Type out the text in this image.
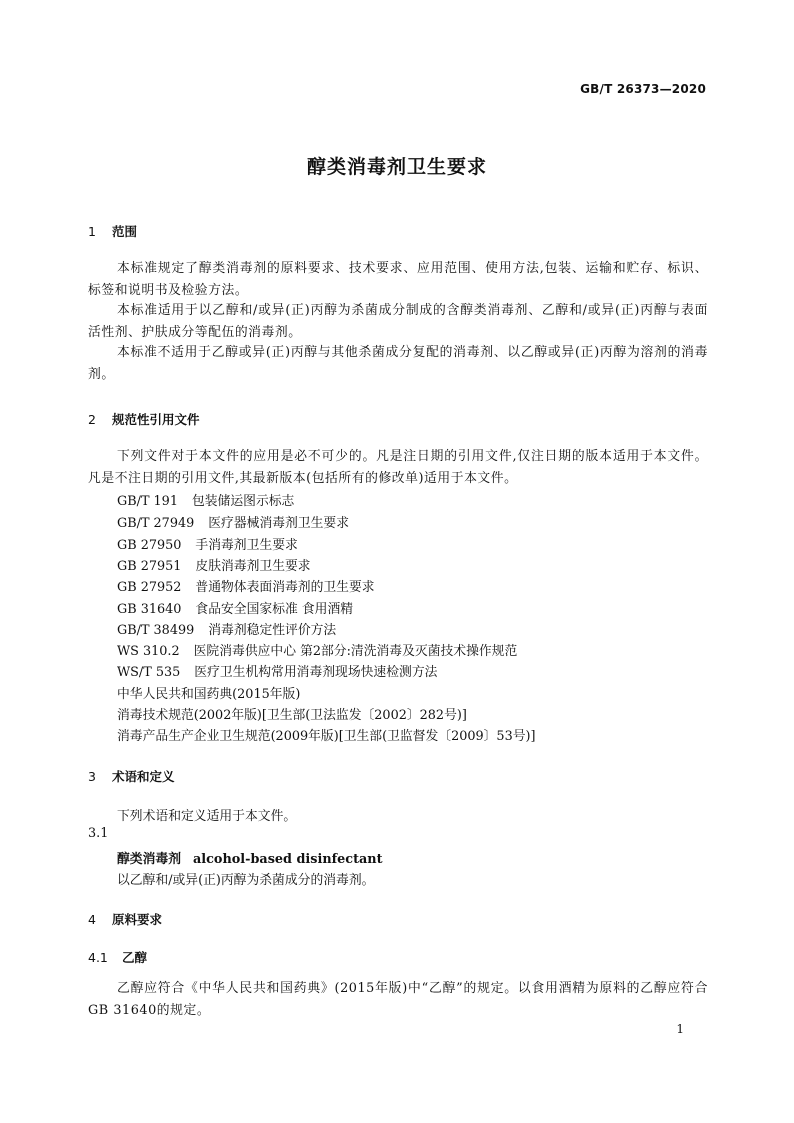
GB/T 26373—2020
醇类消毒剂卫生要求
1 范围
本标准规定了醇类消毒剂的原料要求、技术要求、应用范围、使用方法,包装、运输和贮存、标识、标签和说明书及检验方法。
本标准适用于以乙醇和/或异(正)丙醇为杀菌成分制成的含醇类消毒剂、乙醇和/或异(正)丙醇与表面活性剂、护肤成分等配伍的消毒剂。
本标准不适用于乙醇或异(正)丙醇与其他杀菌成分复配的消毒剂、以乙醇或异(正)丙醇为溶剂的消毒剂。
2 规范性引用文件
下列文件对于本文件的应用是必不可少的。凡是注日期的引用文件,仅注日期的版本适用于本文件。凡是不注日期的引用文件,其最新版本(包括所有的修改单)适用于本文件。
GB/T 191 包装储运图示标志
GB/T 27949 医疗器械消毒剂卫生要求
GB 27950 手消毒剂卫生要求
GB 27951 皮肤消毒剂卫生要求
GB 27952 普通物体表面消毒剂的卫生要求
GB 31640 食品安全国家标准 食用酒精
GB/T 38499 消毒剂稳定性评价方法
WS 310.2 医院消毒供应中心 第2部分:清洗消毒及灭菌技术操作规范
WS/T 535 医疗卫生机构常用消毒剂现场快速检测方法
中华人民共和国药典(2015年版)
消毒技术规范(2002年版)[卫生部(卫法监发〔2002〕282号)]
消毒产品生产企业卫生规范(2009年版)[卫生部(卫监督发〔2009〕53号)]
3 术语和定义
下列术语和定义适用于本文件。
3.1
醇类消毒剂 alcohol-based disinfectant
以乙醇和/或异(正)丙醇为杀菌成分的消毒剂。
4 原料要求
4.1 乙醇
乙醇应符合《中华人民共和国药典》(2015年版)中“乙醇”的规定。以食用酒精为原料的乙醇应符合GB 31640的规定。
1
